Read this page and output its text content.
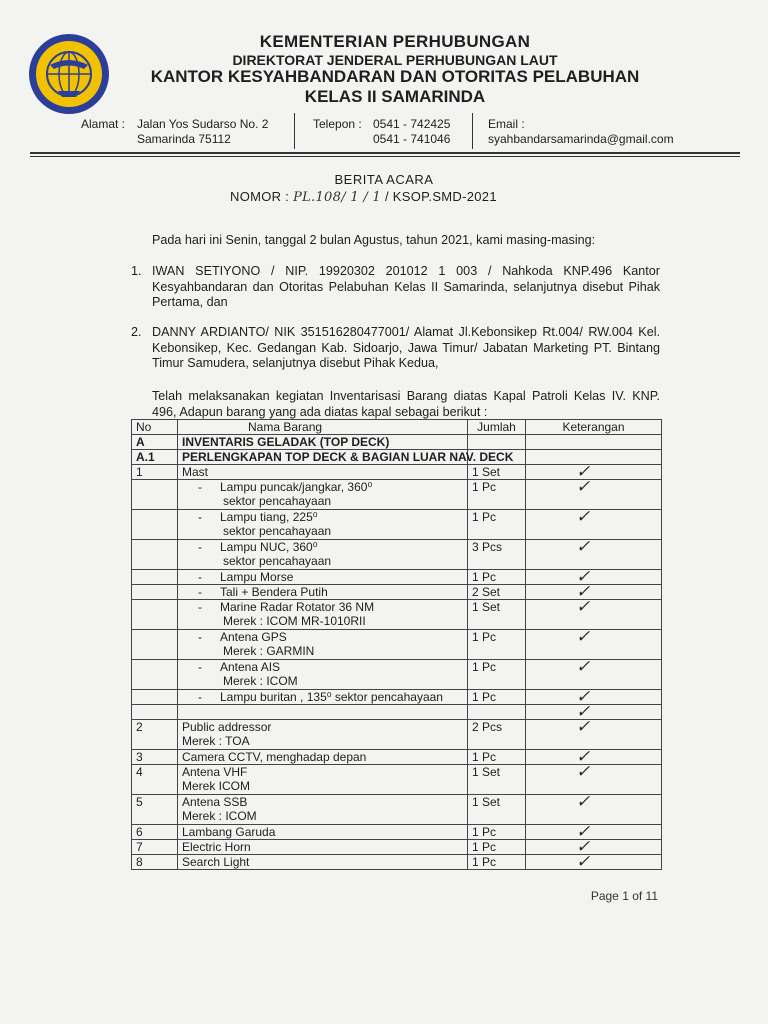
KEMENTERIAN PERHUBUNGAN
DIREKTORAT JENDERAL PERHUBUNGAN LAUT
KANTOR KESYAHBANDARAN DAN OTORITAS PELABUHAN
KELAS II SAMARINDA
Alamat : Jalan Yos Sudarso No. 2
Samarinda 75112
Telepon : 0541 - 742425
0541 - 741046
Email :
syahbandarsamarinda@gmail.com
BERITA ACARA
NOMOR : PL.108/ 1 / 1 / KSOP.SMD-2021
Pada hari ini Senin, tanggal 2 bulan Agustus, tahun 2021, kami masing-masing:
1. IWAN SETIYONO / NIP. 19920302 201012 1 003 / Nahkoda KNP.496 Kantor Kesyahbandaran dan Otoritas Pelabuhan Kelas II Samarinda, selanjutnya disebut Pihak Pertama, dan
2. DANNY ARDIANTO/ NIK 351516280477001/ Alamat Jl.Kebonsikep Rt.004/ RW.004 Kel. Kebonsikep, Kec. Gedangan Kab. Sidoarjo, Jawa Timur/ Jabatan Marketing PT. Bintang Timur Samudera, selanjutnya disebut Pihak Kedua,
Telah melaksanakan kegiatan Inventarisasi Barang diatas Kapal Patroli Kelas IV. KNP. 496, Adapun barang yang ada diatas kapal sebagai berikut :
No	Nama Barang	Jumlah	Keterangan
A	INVENTARIS GELADAK (TOP DECK)		
A.1	PERLENGKAPAN TOP DECK & BAGIAN LUAR NAV. DECK		
1	Mast	1 Set	✓
	- Lampu puncak/jangkar, 360⁰
sektor pencahayaan	1 Pc	✓
	- Lampu tiang, 225⁰
sektor pencahayaan	1 Pc	✓
	- Lampu NUC, 360⁰
sektor pencahayaan	3 Pcs	✓
	- Lampu Morse	1 Pc	✓
	- Tali + Bendera Putih	2 Set	✓
	- Marine Radar Rotator 36 NM
Merek : ICOM MR-1010RII	1 Set	✓
	- Antena GPS
Merek : GARMIN	1 Pc	✓
	- Antena AIS
Merek : ICOM	1 Pc	✓
	- Lampu buritan , 135⁰ sektor pencahayaan	1 Pc	✓
			✓
2	Public addressor
Merek : TOA	2 Pcs	✓
3	Camera CCTV, menghadap depan	1 Pc	✓
4	Antena VHF
Merek ICOM	1 Set	✓
5	Antena SSB
Merek : ICOM	1 Set	✓
6	Lambang Garuda	1 Pc	✓
7	Electric Horn	1 Pc	✓
8	Search Light	1 Pc	✓
Page 1 of 11
